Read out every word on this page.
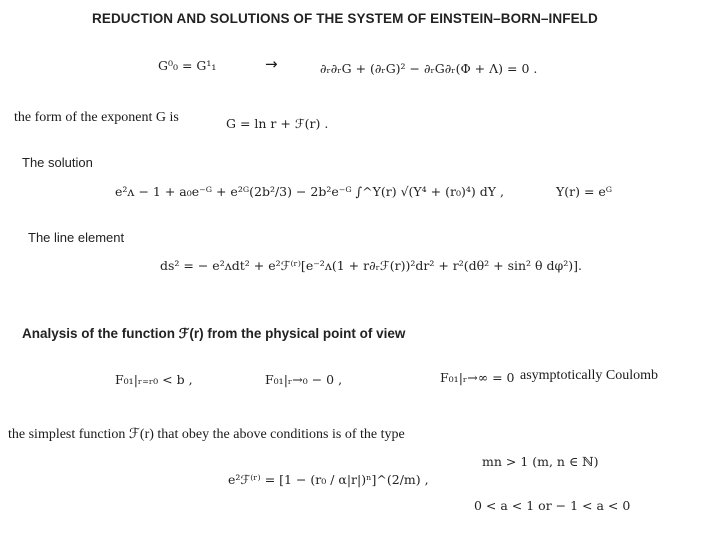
REDUCTION AND SOLUTIONS OF THE SYSTEM OF EINSTEIN–BORN–INFELD
G⁰₀ = G¹₁	→	∂ᵣ∂ᵣG + (∂ᵣG)² − ∂ᵣG∂ᵣ(Φ + Λ) = 0 .
the form of the exponent G is	G = ln r + ℱ(r) .
The solution
e²ᴧ − 1 + a₀e⁻ᴳ + e²ᴳ(2b²/3) − 2b²e⁻ᴳ ∫^Y(r) √(Y⁴ + (r₀)⁴) dY ,	Y(r) = eᴳ
The line element
ds² = − e²ᴧdt² + e²ℱ⁽ʳ⁾[e⁻²ᴧ(1 + r∂ᵣℱ(r))²dr² + r²(dθ² + sin² θ dφ²)].
Analysis of the function ℱ(r) from the physical point of view
F₀₁|ᵣ₌ᵣ₀ < b ,	F₀₁|ᵣ→₀ − 0 ,	F₀₁|ᵣ→∞ = 0 asymptotically Coulomb
the simplest function ℱ(r) that obey the above conditions is of the type
e²ℱ⁽ʳ⁾ = [1 − (r₀ / α|r|)ⁿ]^(2/m) ,
mn > 1 (m, n ∈ ℕ)
0 < a < 1 or − 1 < a < 0
